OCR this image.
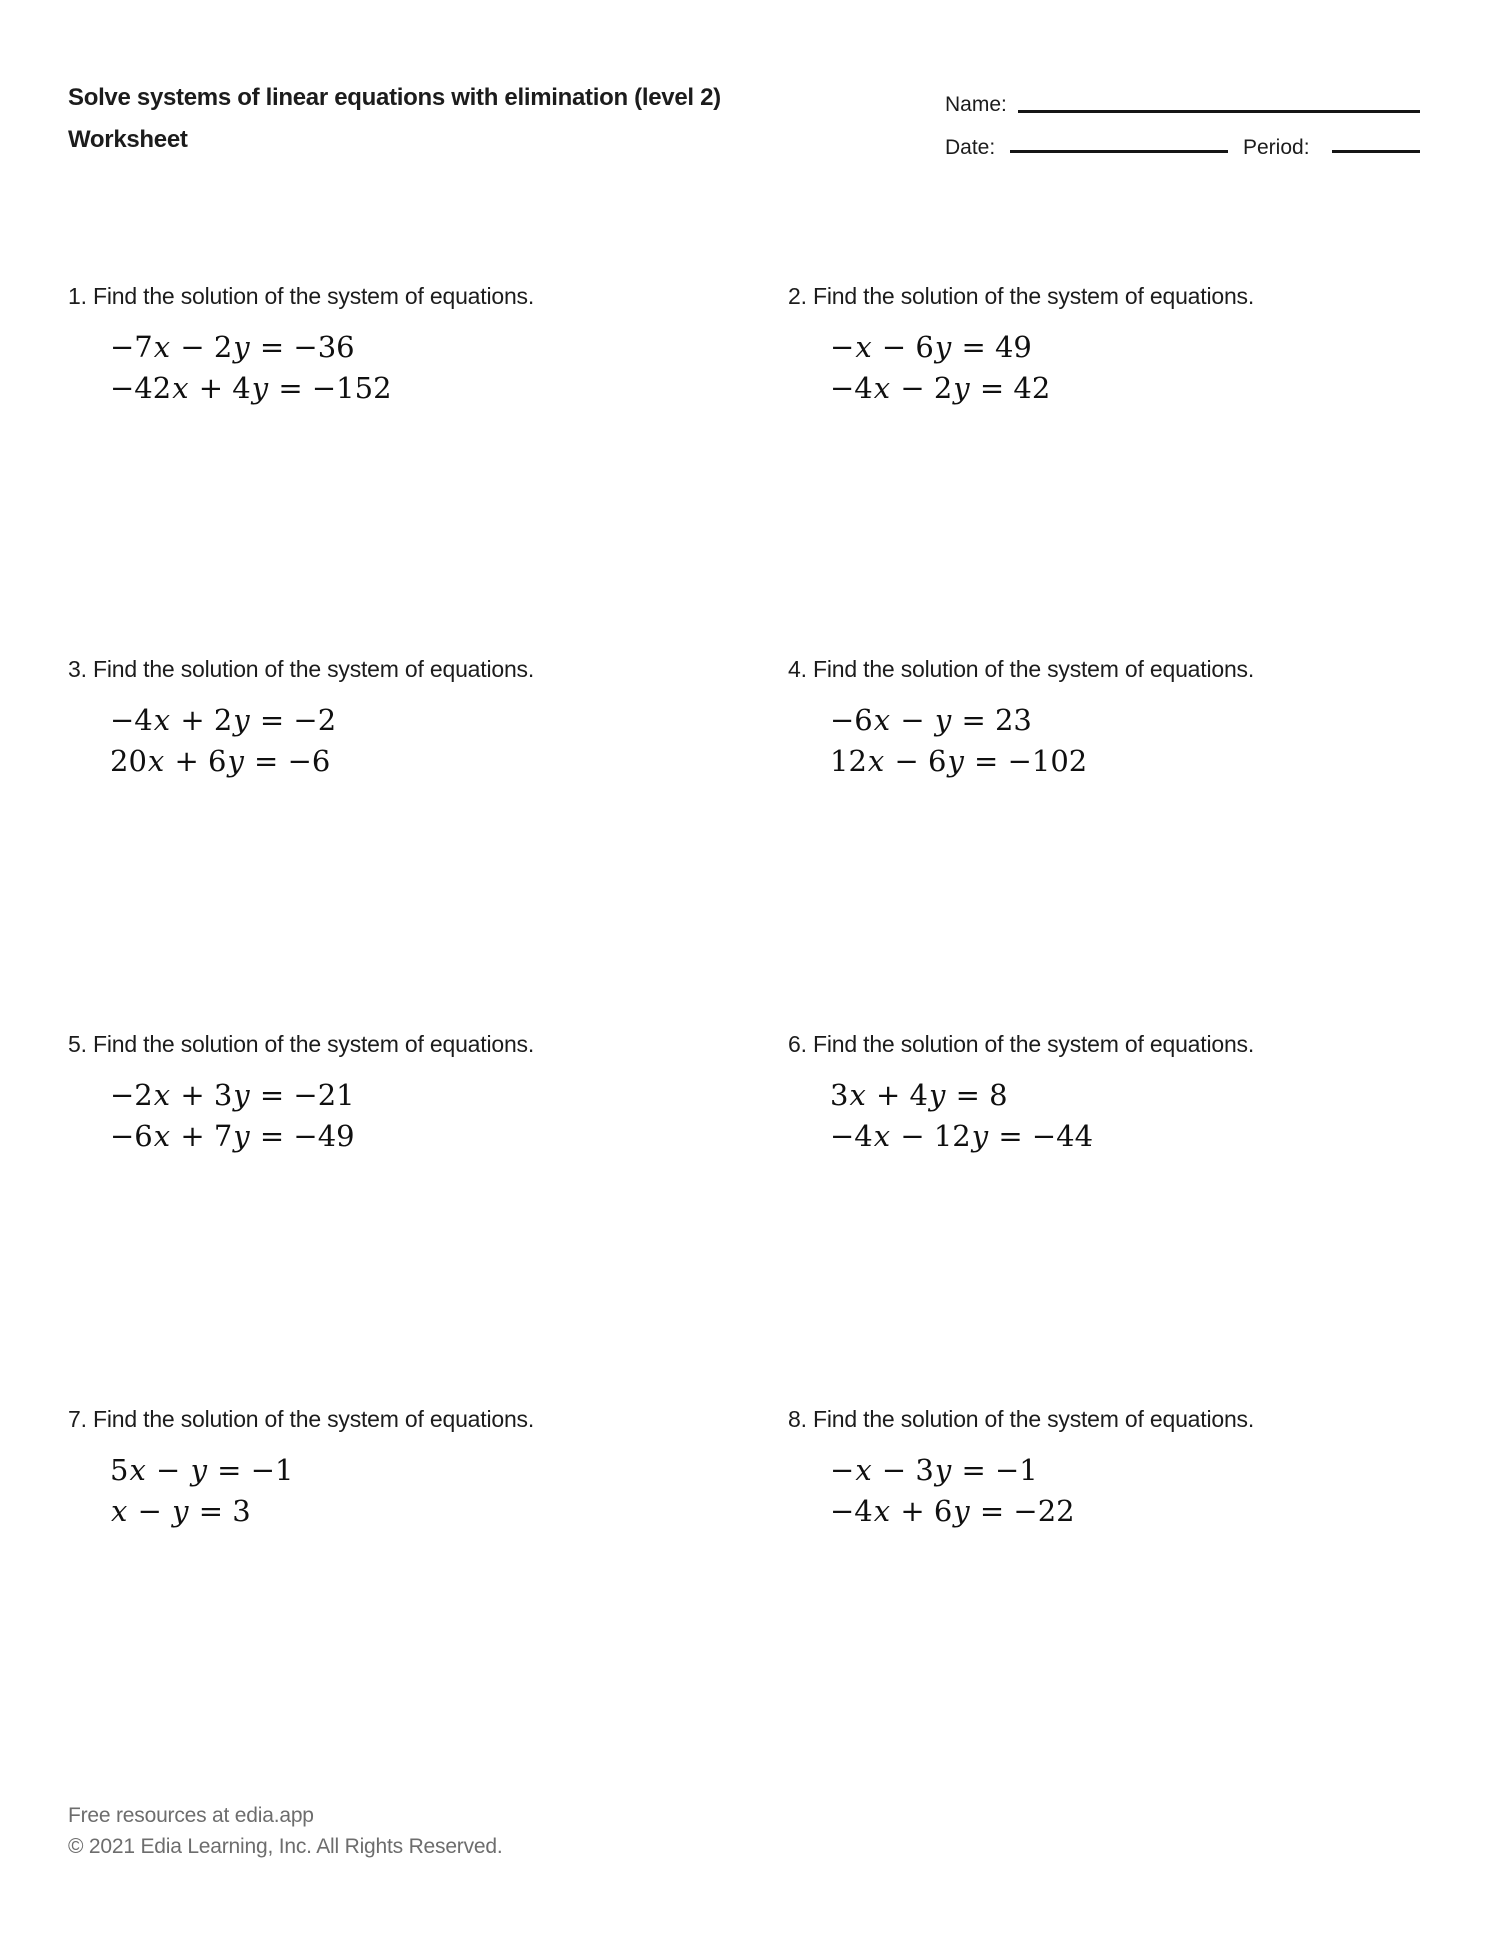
Solve systems of linear equations with elimination (level 2)
Worksheet
Name:
Date:	Period:

1. Find the solution of the system of equations.

−7x − 2y = −36
−42x + 4y = −152

2. Find the solution of the system of equations.

−x − 6y = 49
−4x − 2y = 42

3. Find the solution of the system of equations.

−4x + 2y = −2
20x + 6y = −6

4. Find the solution of the system of equations.

−6x − y = 23
12x − 6y = −102

5. Find the solution of the system of equations.

−2x + 3y = −21
−6x + 7y = −49

6. Find the solution of the system of equations.

3x + 4y = 8
−4x − 12y = −44

7. Find the solution of the system of equations.

5x − y = −1
x − y = 3

8. Find the solution of the system of equations.

−x − 3y = −1
−4x + 6y = −22
Free resources at edia.app
© 2021 Edia Learning, Inc. All Rights Reserved.
